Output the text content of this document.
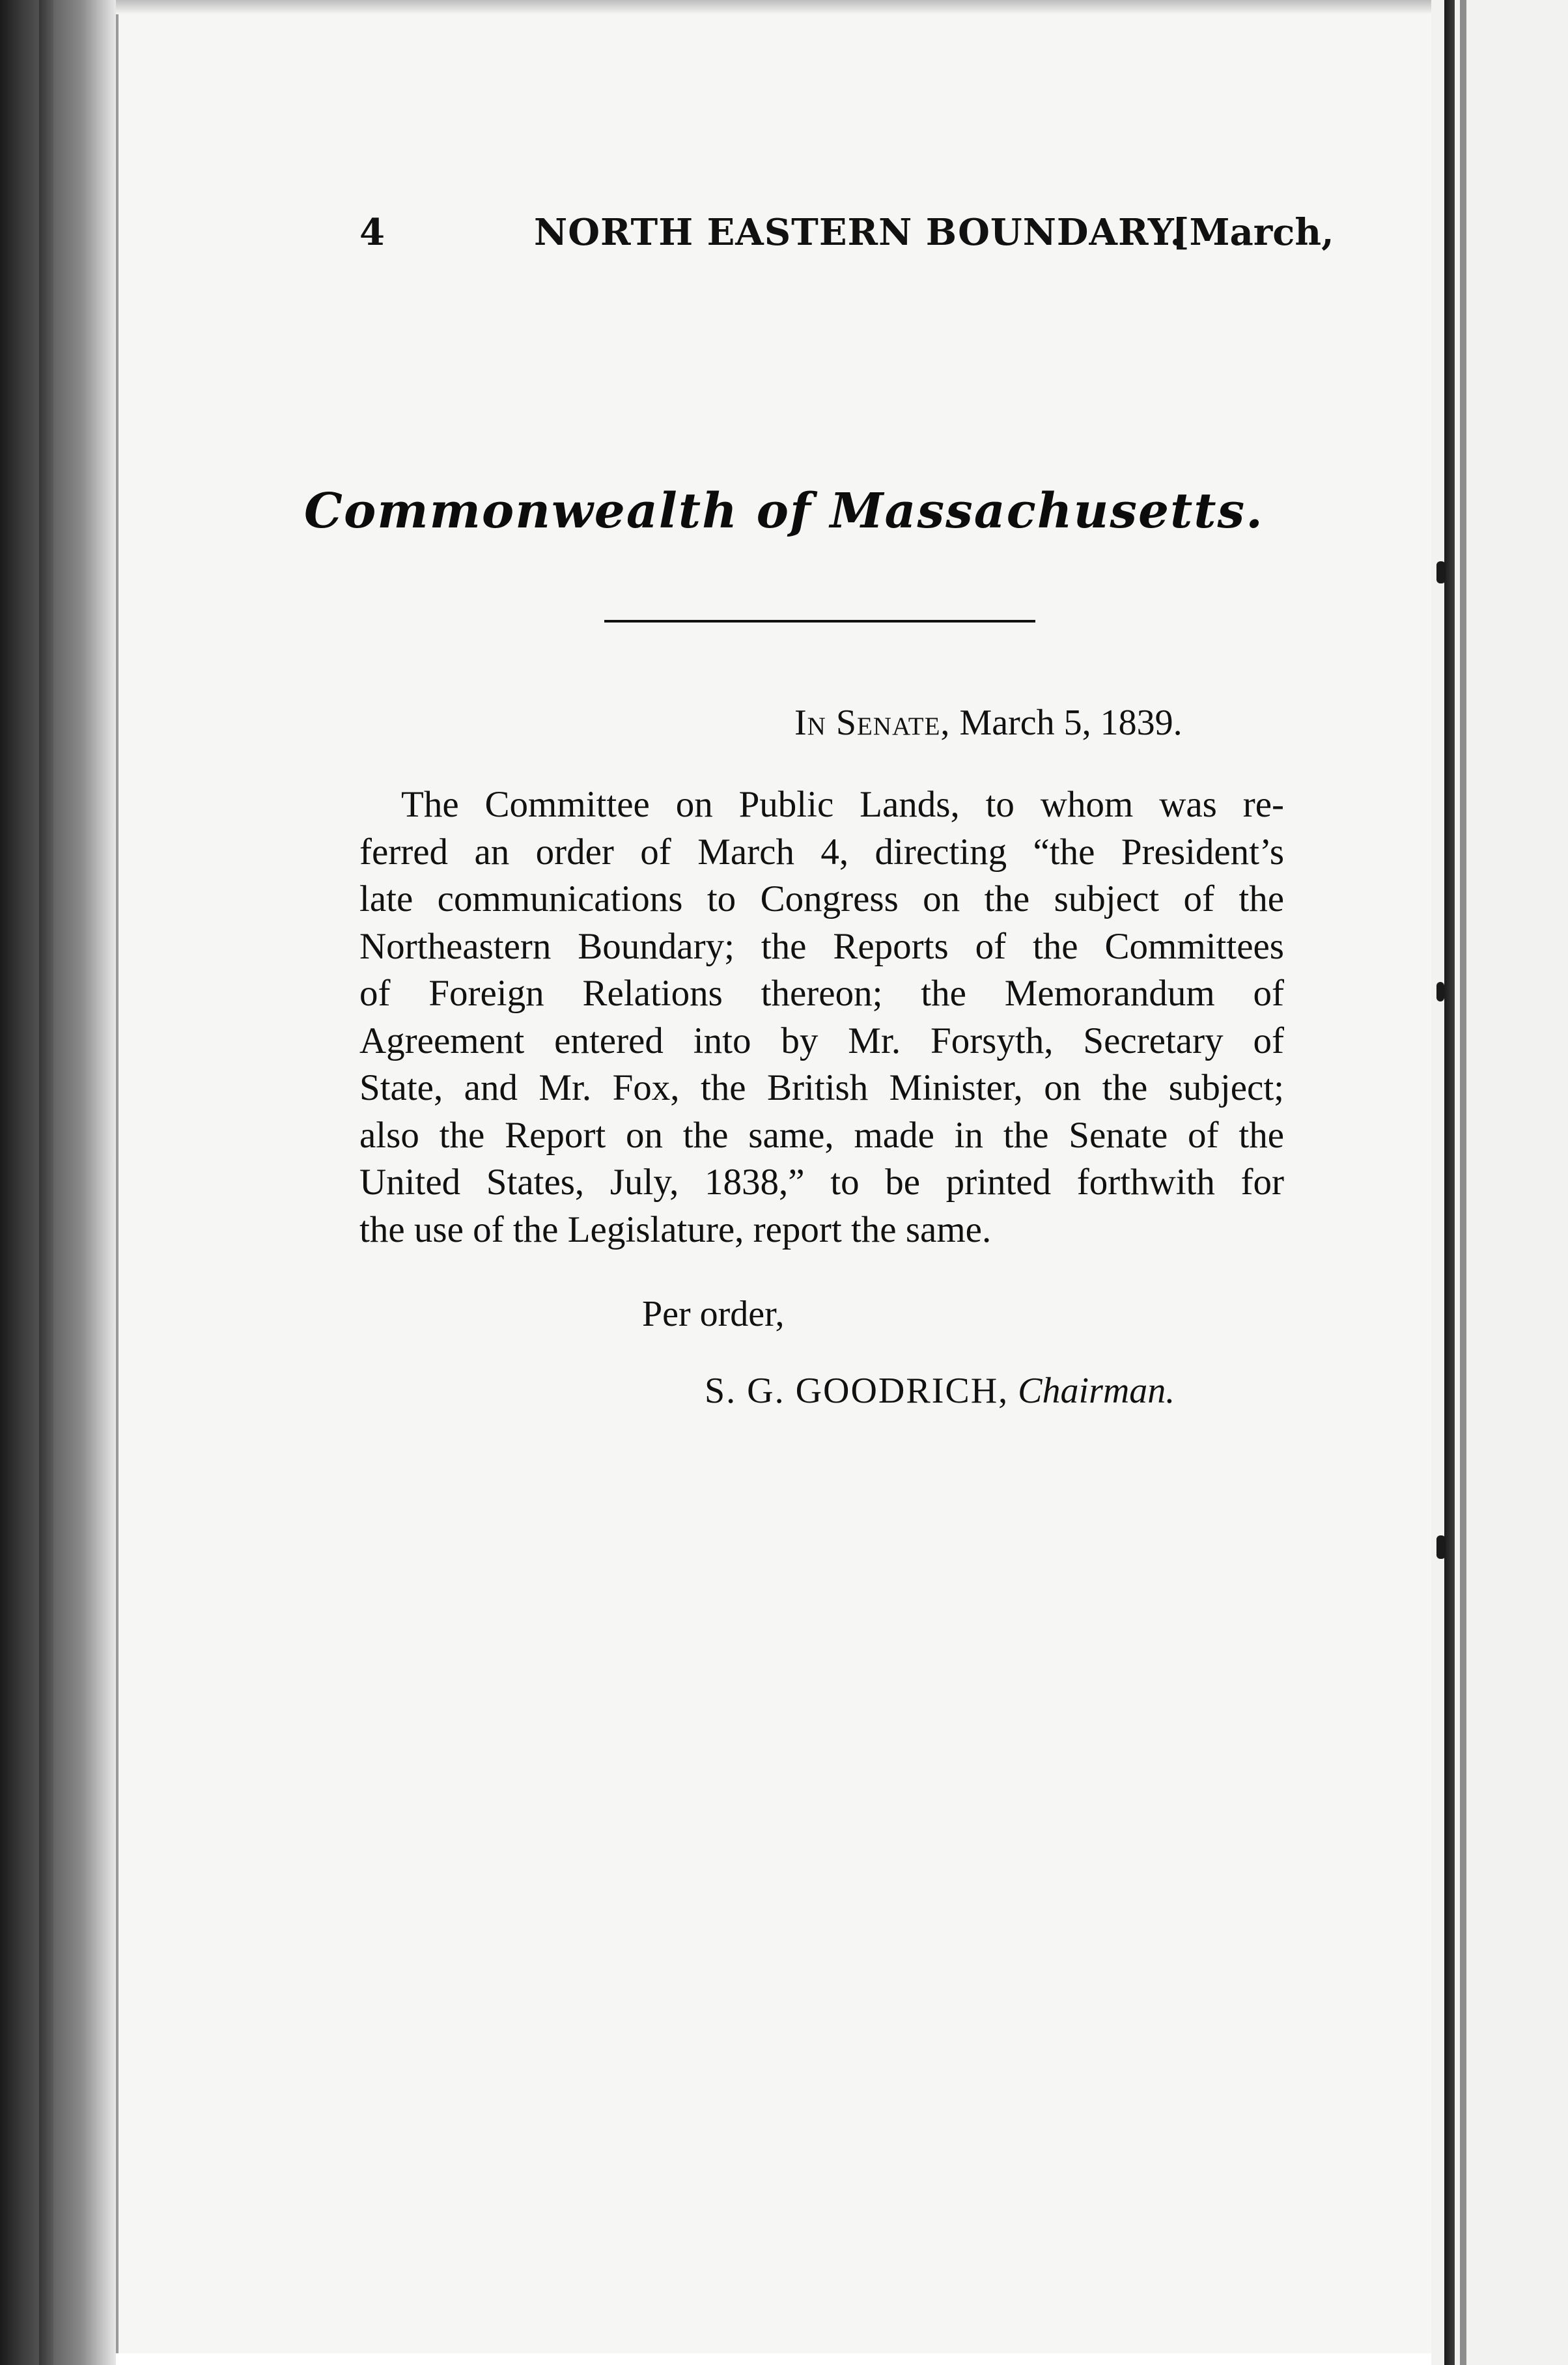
4	NORTH EASTERN BOUNDARY.
[March,
Commonwealth of Massachusetts.
In Senate, March 5, 1839.
The Committee on Public Lands, to whom was re-
ferred an order of March 4, directing “the President’s
late communications to Congress on the subject of the
Northeastern Boundary; the Reports of the Committees
of Foreign Relations thereon; the Memorandum of
Agreement entered into by Mr. Forsyth, Secretary of
State, and Mr. Fox, the British Minister, on the subject;
also the Report on the same, made in the Senate of the
United States, July, 1838,” to be printed forthwith for
the use of the Legislature, report the same.
Per order,
S. G. GOODRICH, Chairman.
